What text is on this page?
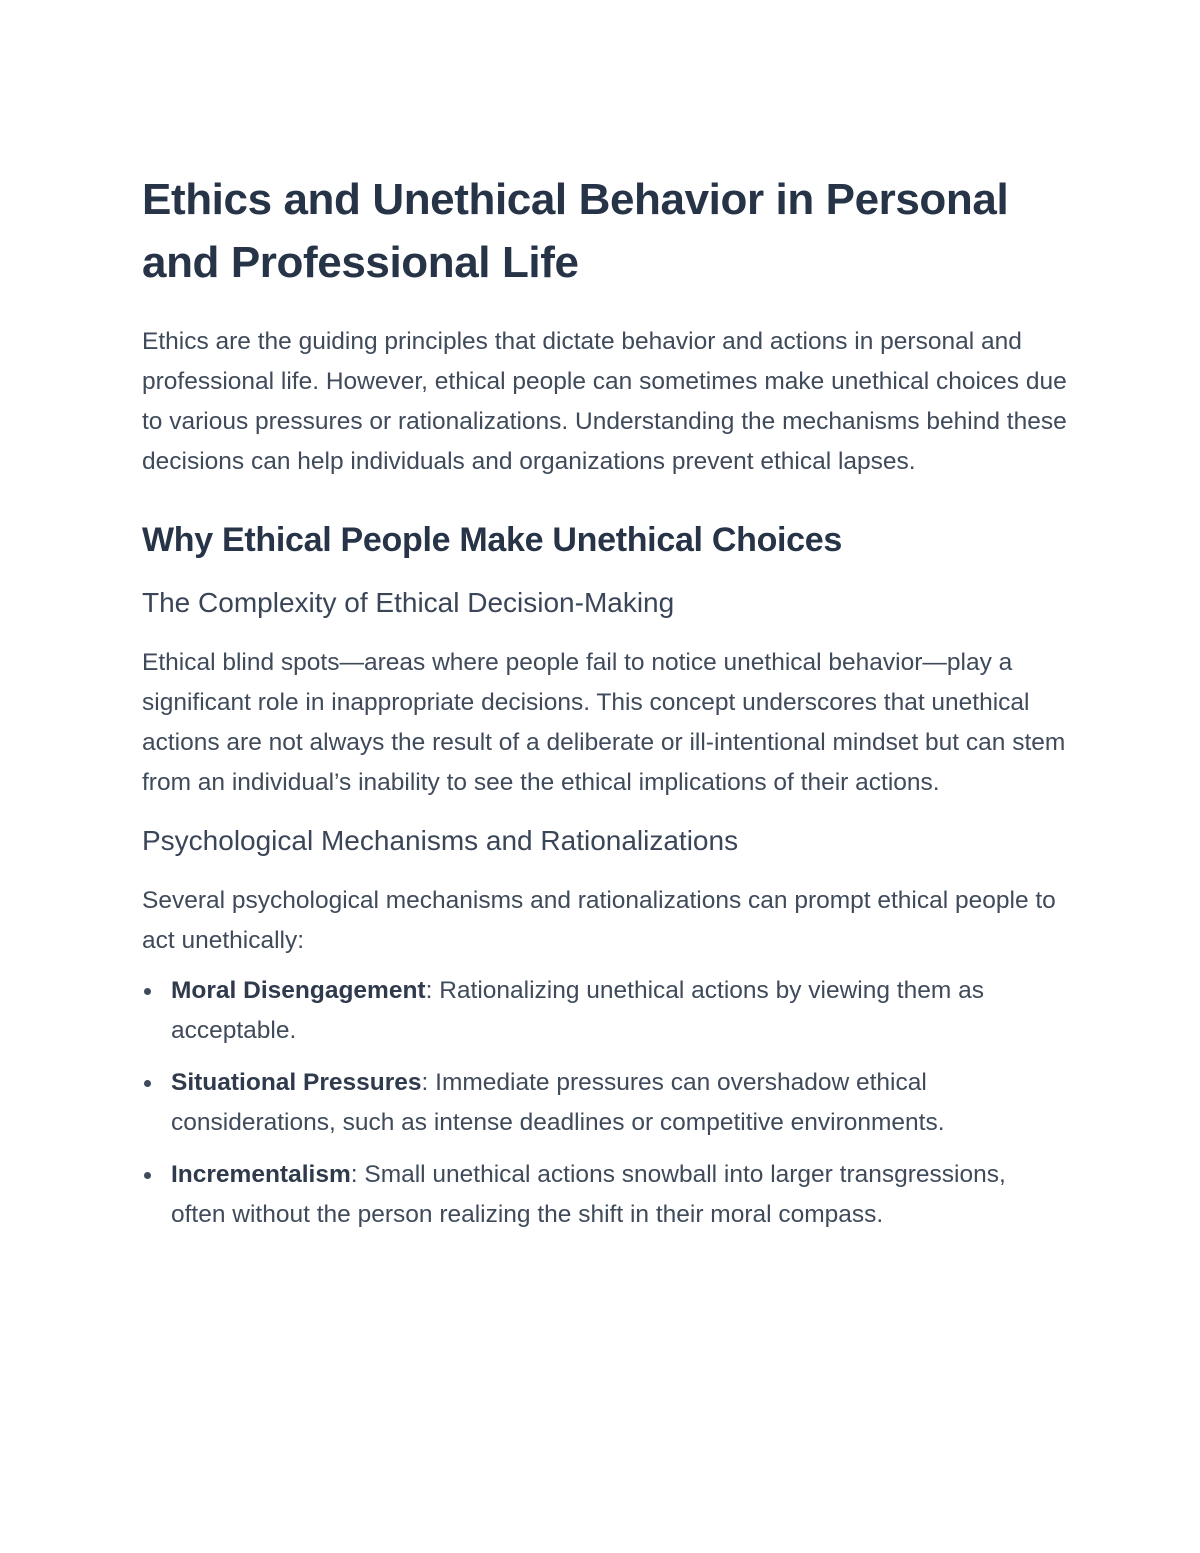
Ethics and Unethical Behavior in Personal and Professional Life

Ethics are the guiding principles that dictate behavior and actions in personal and professional life. However, ethical people can sometimes make unethical choices due to various pressures or rationalizations. Understanding the mechanisms behind these decisions can help individuals and organizations prevent ethical lapses.

Why Ethical People Make Unethical Choices
The Complexity of Ethical Decision-Making

Ethical blind spots—areas where people fail to notice unethical behavior—play a significant role in inappropriate decisions. This concept underscores that unethical actions are not always the result of a deliberate or ill-intentional mindset but can stem from an individual’s inability to see the ethical implications of their actions.

Psychological Mechanisms and Rationalizations

Several psychological mechanisms and rationalizations can prompt ethical people to act unethically:

Moral Disengagement: Rationalizing unethical actions by viewing them as acceptable.
Situational Pressures: Immediate pressures can overshadow ethical considerations, such as intense deadlines or competitive environments.
Incrementalism: Small unethical actions snowball into larger transgressions, often without the person realizing the shift in their moral compass.
